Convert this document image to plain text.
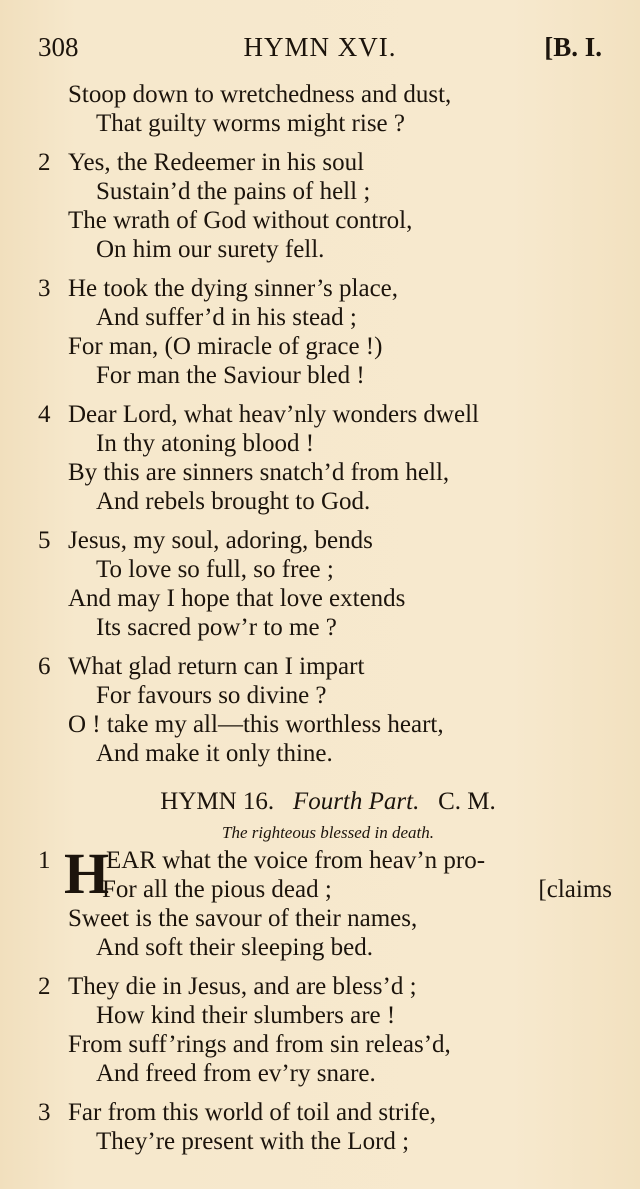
308	HYMN XVI.	[B. I.
Stoop down to wretchedness and dust,
That guilty worms might rise ?
2 Yes, the Redeemer in his soul
Sustain’d the pains of hell ;
The wrath of God without control,
On him our surety fell.
3 He took the dying sinner’s place,
And suffer’d in his stead ;
For man, (O miracle of grace !)
For man the Saviour bled !
4 Dear Lord, what heav’nly wonders dwell
In thy atoning blood !
By this are sinners snatch’d from hell,
And rebels brought to God.
5 Jesus, my soul, adoring, bends
To love so full, so free ;
And may I hope that love extends
Its sacred pow’r to me ?
6 What glad return can I impart
For favours so divine ?
O ! take my all—this worthless heart,
And make it only thine.
HYMN 16. Fourth Part. C. M.
The righteous blessed in death.
1 H
EAR what the voice from heav’n pro-
For all the pious dead ;	[claims
Sweet is the savour of their names,
And soft their sleeping bed.
2 They die in Jesus, and are bless’d ;
How kind their slumbers are !
From suff’rings and from sin releas’d,
And freed from ev’ry snare.
3 Far from this world of toil and strife,
They’re present with the Lord ;
